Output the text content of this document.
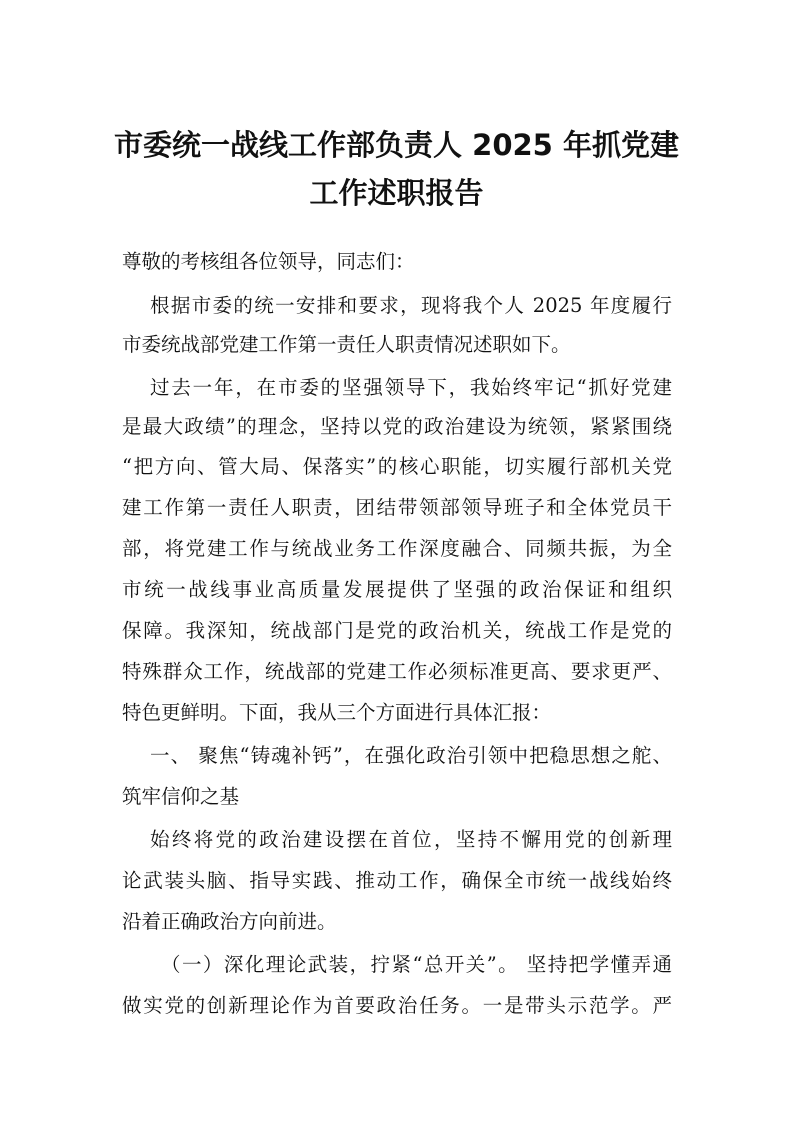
市委统一战线工作部负责人 2025 年抓党建
工作述职报告

尊敬的考核组各位领导，同志们：

根据市委的统一安排和要求，现将我个人 2025 年度履行

市委统战部党建工作第一责任人职责情况述职如下。

过去一年，在市委的坚强领导下，我始终牢记“抓好党建

是最大政绩”的理念，坚持以党的政治建设为统领，紧紧围绕

“把方向、管大局、保落实”的核心职能，切实履行部机关党

建工作第一责任人职责，团结带领部领导班子和全体党员干

部，将党建工作与统战业务工作深度融合、同频共振，为全

市统一战线事业高质量发展提供了坚强的政治保证和组织

保障。我深知，统战部门是党的政治机关，统战工作是党的

特殊群众工作，统战部的党建工作必须标准更高、要求更严、

特色更鲜明。下面，我从三个方面进行具体汇报：

一、 聚焦“铸魂补钙”，在强化政治引领中把稳思想之舵、

筑牢信仰之基

始终将党的政治建设摆在首位，坚持不懈用党的创新理

论武装头脑、指导实践、推动工作，确保全市统一战线始终

沿着正确政治方向前进。

（一）深化理论武装，拧紧“总开关”。 坚持把学懂弄通

做实党的创新理论作为首要政治任务。一是带头示范学。严
